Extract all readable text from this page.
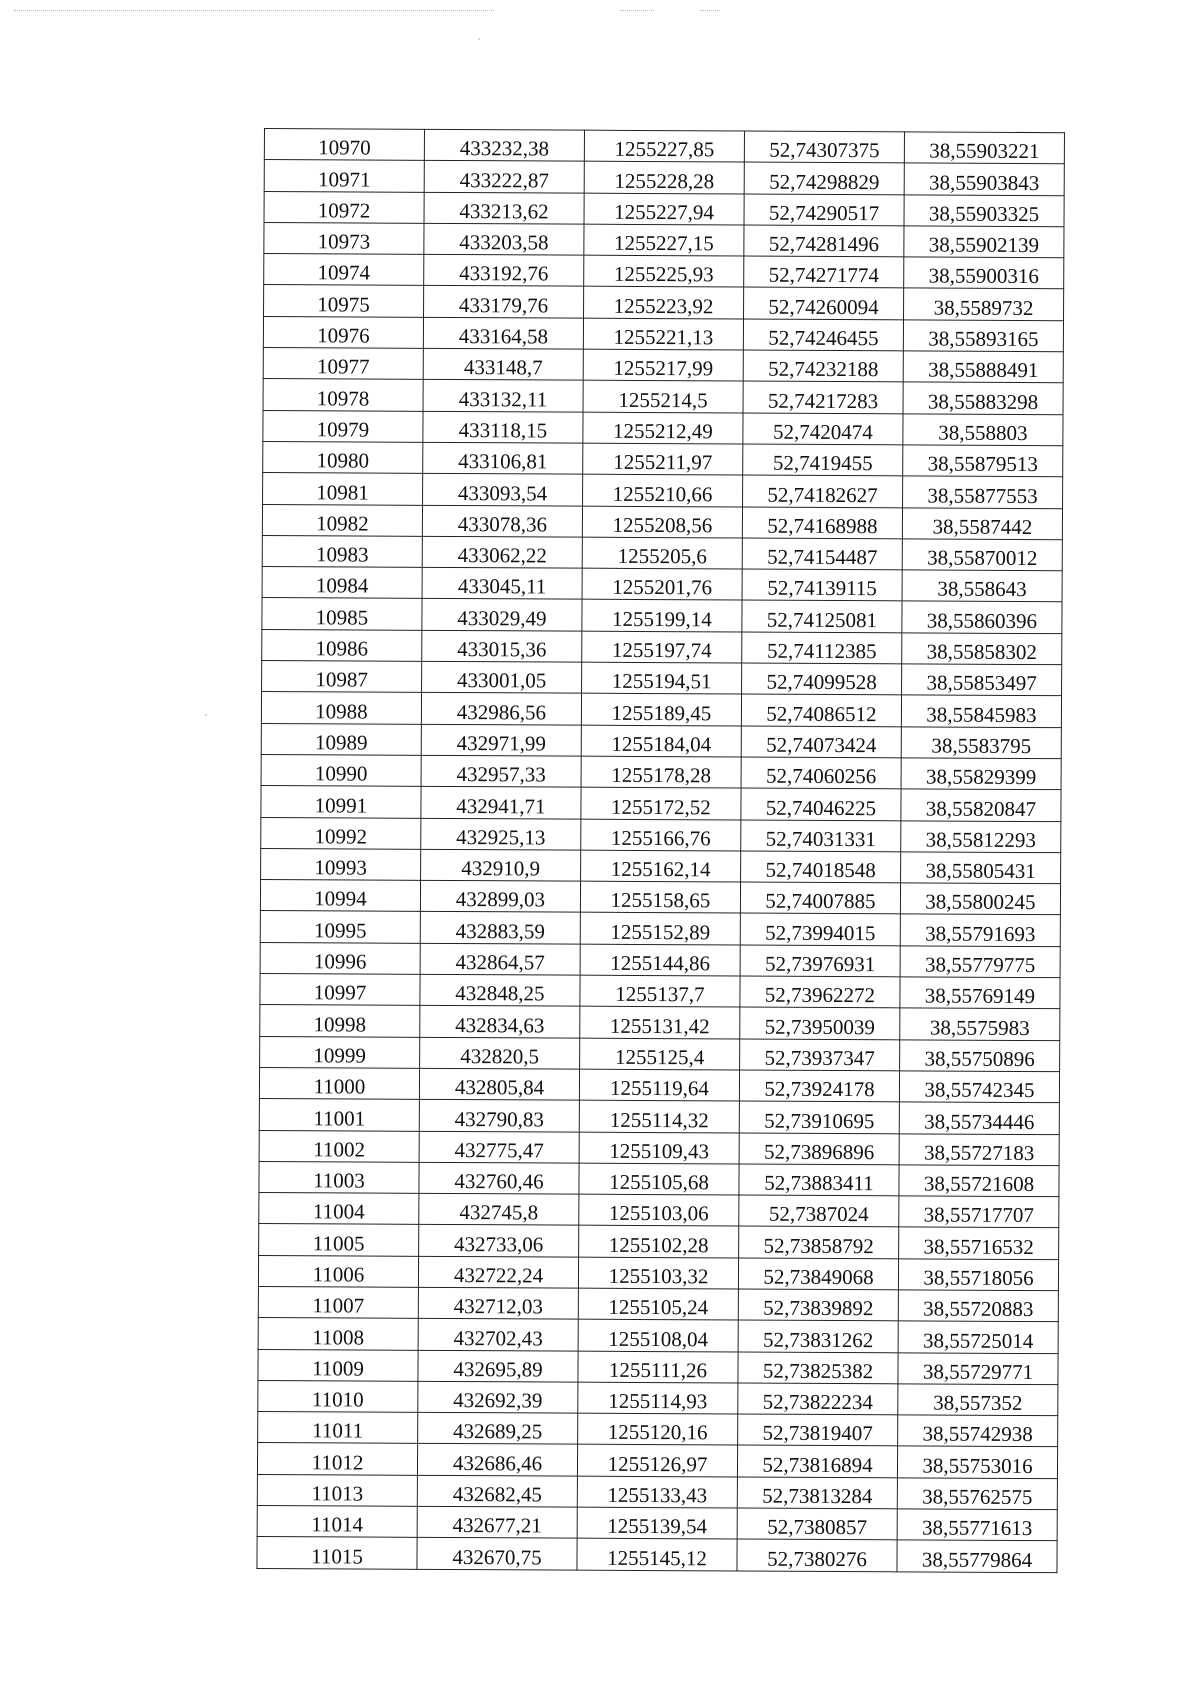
10970	433232,38	1255227,85	52,74307375	38,55903221
10971	433222,87	1255228,28	52,74298829	38,55903843
10972	433213,62	1255227,94	52,74290517	38,55903325
10973	433203,58	1255227,15	52,74281496	38,55902139
10974	433192,76	1255225,93	52,74271774	38,55900316
10975	433179,76	1255223,92	52,74260094	38,5589732
10976	433164,58	1255221,13	52,74246455	38,55893165
10977	433148,7	1255217,99	52,74232188	38,55888491
10978	433132,11	1255214,5	52,74217283	38,55883298
10979	433118,15	1255212,49	52,7420474	38,558803
10980	433106,81	1255211,97	52,7419455	38,55879513
10981	433093,54	1255210,66	52,74182627	38,55877553
10982	433078,36	1255208,56	52,74168988	38,5587442
10983	433062,22	1255205,6	52,74154487	38,55870012
10984	433045,11	1255201,76	52,74139115	38,558643
10985	433029,49	1255199,14	52,74125081	38,55860396
10986	433015,36	1255197,74	52,74112385	38,55858302
10987	433001,05	1255194,51	52,74099528	38,55853497
10988	432986,56	1255189,45	52,74086512	38,55845983
10989	432971,99	1255184,04	52,74073424	38,5583795
10990	432957,33	1255178,28	52,74060256	38,55829399
10991	432941,71	1255172,52	52,74046225	38,55820847
10992	432925,13	1255166,76	52,74031331	38,55812293
10993	432910,9	1255162,14	52,74018548	38,55805431
10994	432899,03	1255158,65	52,74007885	38,55800245
10995	432883,59	1255152,89	52,73994015	38,55791693
10996	432864,57	1255144,86	52,73976931	38,55779775
10997	432848,25	1255137,7	52,73962272	38,55769149
10998	432834,63	1255131,42	52,73950039	38,5575983
10999	432820,5	1255125,4	52,73937347	38,55750896
11000	432805,84	1255119,64	52,73924178	38,55742345
11001	432790,83	1255114,32	52,73910695	38,55734446
11002	432775,47	1255109,43	52,73896896	38,55727183
11003	432760,46	1255105,68	52,73883411	38,55721608
11004	432745,8	1255103,06	52,7387024	38,55717707
11005	432733,06	1255102,28	52,73858792	38,55716532
11006	432722,24	1255103,32	52,73849068	38,55718056
11007	432712,03	1255105,24	52,73839892	38,55720883
11008	432702,43	1255108,04	52,73831262	38,55725014
11009	432695,89	1255111,26	52,73825382	38,55729771
11010	432692,39	1255114,93	52,73822234	38,557352
11011	432689,25	1255120,16	52,73819407	38,55742938
11012	432686,46	1255126,97	52,73816894	38,55753016
11013	432682,45	1255133,43	52,73813284	38,55762575
11014	432677,21	1255139,54	52,7380857	38,55771613
11015	432670,75	1255145,12	52,7380276	38,55779864
